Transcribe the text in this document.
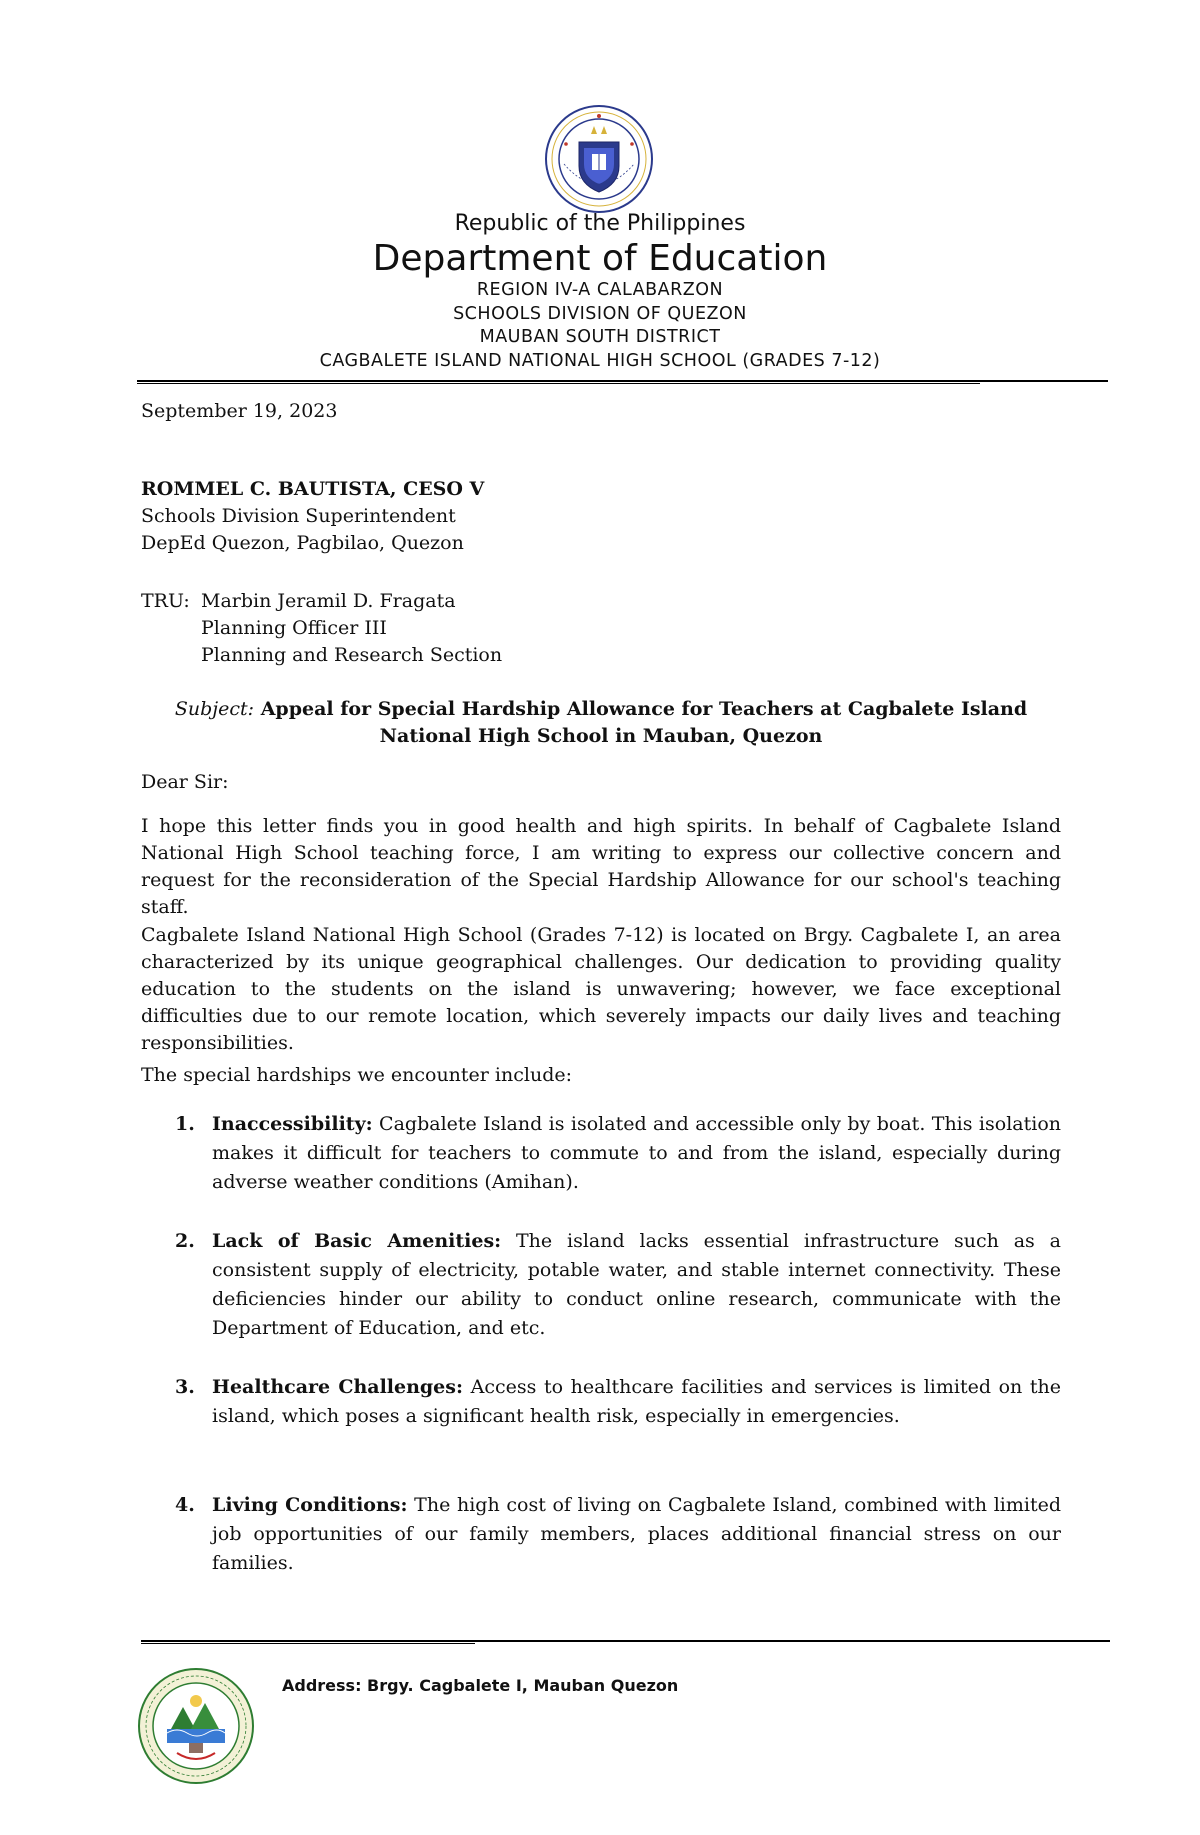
Republic of the Philippines
Department of Education
REGION IV-A CALABARZON
SCHOOLS DIVISION OF QUEZON
MAUBAN SOUTH DISTRICT
CAGBALETE ISLAND NATIONAL HIGH SCHOOL (GRADES 7-12)
September 19, 2023
ROMMEL C. BAUTISTA, CESO V
Schools Division Superintendent
DepEd Quezon, Pagbilao, Quezon
TRU: Marbin Jeramil D. Fragata
Planning Officer III
Planning and Research Section
Subject: Appeal for Special Hardship Allowance for Teachers at Cagbalete Island National High School in Mauban, Quezon
Dear Sir:
I hope this letter finds you in good health and high spirits. In behalf of Cagbalete Island National High School teaching force, I am writing to express our collective concern and request for the reconsideration of the Special Hardship Allowance for our school's teaching staff.
Cagbalete Island National High School (Grades 7-12) is located on Brgy. Cagbalete I, an area characterized by its unique geographical challenges. Our dedication to providing quality education to the students on the island is unwavering; however, we face exceptional difficulties due to our remote location, which severely impacts our daily lives and teaching responsibilities.
The special hardships we encounter include:
1. Inaccessibility: Cagbalete Island is isolated and accessible only by boat. This isolation makes it difficult for teachers to commute to and from the island, especially during adverse weather conditions (Amihan).
2. Lack of Basic Amenities: The island lacks essential infrastructure such as a consistent supply of electricity, potable water, and stable internet connectivity. These deficiencies hinder our ability to conduct online research, communicate with the Department of Education, and etc.
3. Healthcare Challenges: Access to healthcare facilities and services is limited on the island, which poses a significant health risk, especially in emergencies.
4. Living Conditions: The high cost of living on Cagbalete Island, combined with limited job opportunities of our family members, places additional financial stress on our families.
Address: Brgy. Cagbalete I, Mauban Quezon
